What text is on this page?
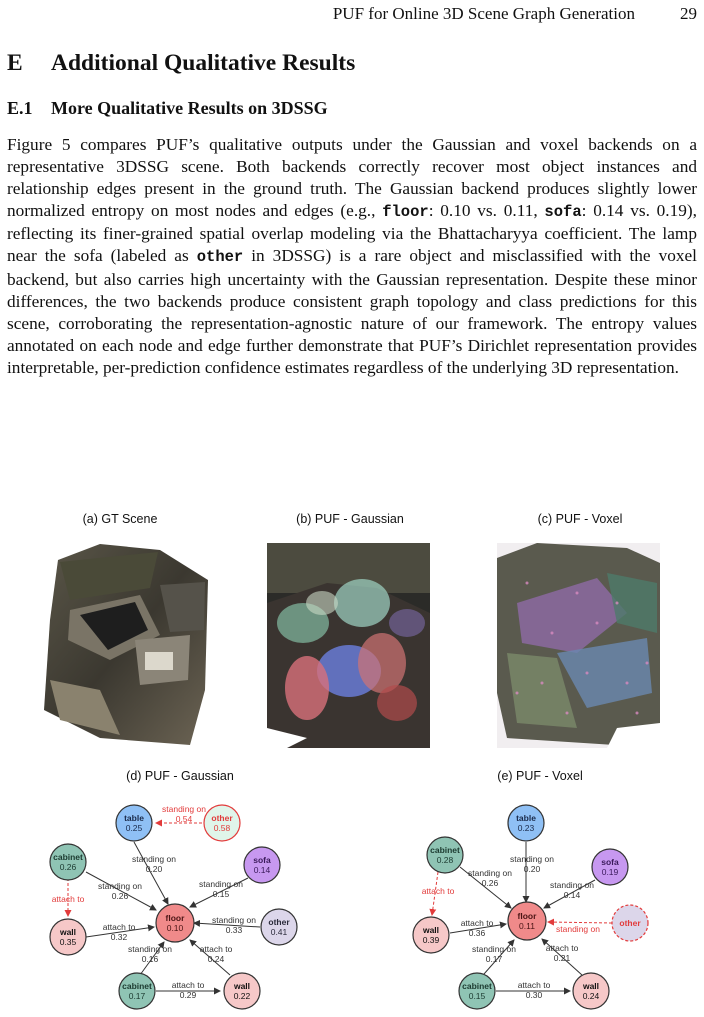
PUF for Online 3D Scene Graph Generation	29
E Additional Qualitative Results
E.1 More Qualitative Results on 3DSSG

Figure 5 compares PUF’s qualitative outputs under the Gaussian and voxel backends on a representative 3DSSG scene. Both backends correctly recover most object instances and relationship edges present in the ground truth. The Gaussian backend produces slightly lower normalized entropy on most nodes and edges (e.g., floor: 0.10 vs. 0.11, sofa: 0.14 vs. 0.19), reflecting its finer-grained spatial overlap modeling via the Bhattacharyya coefficient. The lamp near the sofa (labeled as other in 3DSSG) is a rare object and misclassified with the voxel backend, but also carries high uncertainty with the Gaussian representation. Despite these minor differences, the two backends produce consistent graph topology and class predictions for this scene, corroborating the representation-agnostic nature of our framework. The entropy values annotated on each node and edge further demonstrate that PUF’s Dirichlet representation provides interpretable, per-prediction confidence estimates regardless of the underlying 3D representation.

(a) GT Scene	(b) PUF - Gaussian	(c) PUF - Voxel
(d) PUF - Gaussian	(e) PUF - Voxel
standing on
0.54
standing on
0.20
standing on
0.26
standing on
0.15
standing on
0.33
attach to
0.32
attach to
standing on
0.16
attach to
0.24
attach to
0.29
table
0.25
other
0.58
cabinet
0.26
sofa
0.14
floor
0.10
other
0.41
wall
0.35
cabinet
0.17
wall
0.22
standing on
0.20
standing on
0.26	standing on
0.14
attach to
attach to
0.36	standing on
standing on
0.17
attach to
0.21
attach to
0.30
table
0.23
cabinet
0.28	sofa
0.19
floor
0.11
wall
0.39
other
cabinet
0.15
wall
0.24
